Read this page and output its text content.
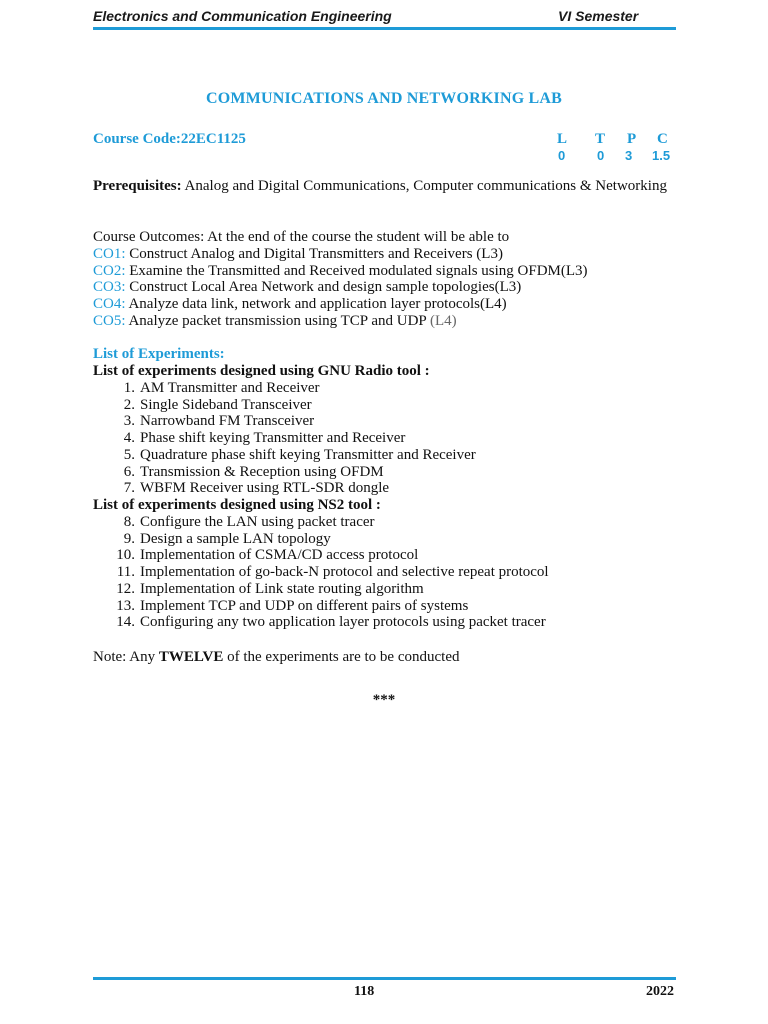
Electronics and Communication Engineering	VI Semester
COMMUNICATIONS AND NETWORKING LAB
Course Code:22EC1125	L T P C
0 0 3 1.5
Prerequisites: Analog and Digital Communications, Computer communications & Networking
Course Outcomes: At the end of the course the student will be able to
CO1: Construct Analog and Digital Transmitters and Receivers (L3)
CO2: Examine the Transmitted and Received modulated signals using OFDM(L3)
CO3: Construct Local Area Network and design sample topologies(L3)
CO4: Analyze data link, network and application layer protocols(L4)
CO5: Analyze packet transmission using TCP and UDP (L4)
List of Experiments:
List of experiments designed using GNU Radio tool :
1. AM Transmitter and Receiver
2. Single Sideband Transceiver
3. Narrowband FM Transceiver
4. Phase shift keying Transmitter and Receiver
5. Quadrature phase shift keying Transmitter and Receiver
6. Transmission & Reception using OFDM
7. WBFM Receiver using RTL-SDR dongle
List of experiments designed using NS2 tool :
8. Configure the LAN using packet tracer
9. Design a sample LAN topology
10. Implementation of CSMA/CD access protocol
11. Implementation of go-back-N protocol and selective repeat protocol
12. Implementation of Link state routing algorithm
13. Implement TCP and UDP on different pairs of systems
14. Configuring any two application layer protocols using packet tracer
Note: Any TWELVE of the experiments are to be conducted
***
118	2022
